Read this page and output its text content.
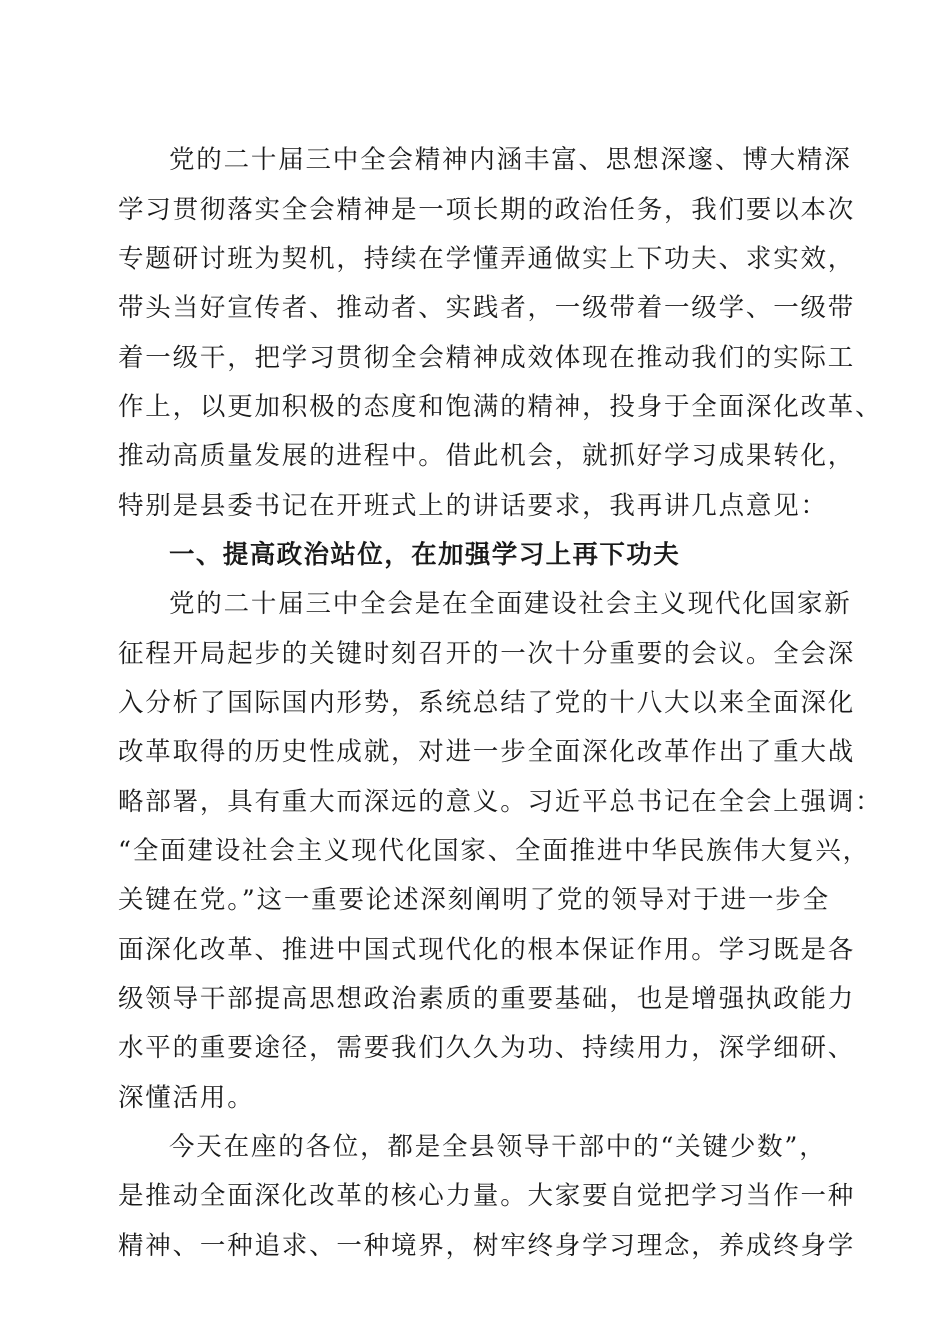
党的二十届三中全会精神内涵丰富、思想深邃、博大精深
学习贯彻落实全会精神是一项长期的政治任务，我们要以本次
专题研讨班为契机，持续在学懂弄通做实上下功夫、求实效，
带头当好宣传者、推动者、实践者，一级带着一级学、一级带
着一级干，把学习贯彻全会精神成效体现在推动我们的实际工
作上，以更加积极的态度和饱满的精神，投身于全面深化改革、
推动高质量发展的进程中。借此机会，就抓好学习成果转化，
特别是县委书记在开班式上的讲话要求，我再讲几点意见：
一、提高政治站位，在加强学习上再下功夫
党的二十届三中全会是在全面建设社会主义现代化国家新
征程开局起步的关键时刻召开的一次十分重要的会议。全会深
入分析了国际国内形势，系统总结了党的十八大以来全面深化
改革取得的历史性成就，对进一步全面深化改革作出了重大战
略部署，具有重大而深远的意义。习近平总书记在全会上强调：
“全面建设社会主义现代化国家、全面推进中华民族伟大复兴，
关键在党。”这一重要论述深刻阐明了党的领导对于进一步全
面深化改革、推进中国式现代化的根本保证作用。学习既是各
级领导干部提高思想政治素质的重要基础，也是增强执政能力
水平的重要途径，需要我们久久为功、持续用力，深学细研、
深懂活用。
今天在座的各位，都是全县领导干部中的“关键少数”，
是推动全面深化改革的核心力量。大家要自觉把学习当作一种
精神、一种追求、一种境界，树牢终身学习理念，养成终身学
